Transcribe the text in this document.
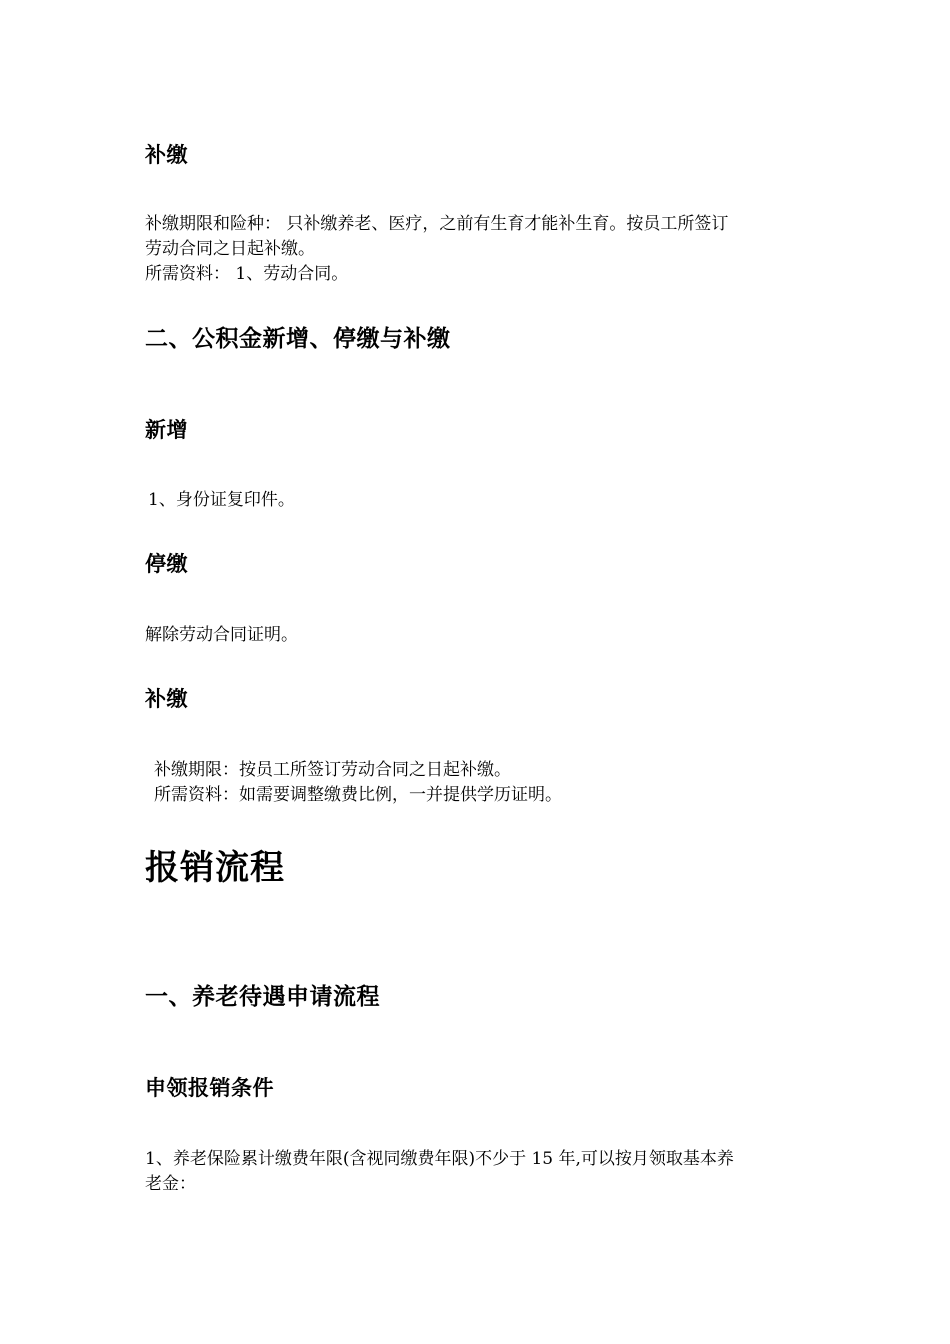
补缴
补缴期限和险种： 只补缴养老、医疗，之前有生育才能补生育。按员工所签订
劳动合同之日起补缴。
所需资料： 1、劳动合同。
二、公积金新增、停缴与补缴
新增
1、身份证复印件。
停缴
解除劳动合同证明。
补缴
补缴期限：按员工所签订劳动合同之日起补缴。
所需资料：如需要调整缴费比例，一并提供学历证明。
报销流程
一、养老待遇申请流程
申领报销条件
1、养老保险累计缴费年限(含视同缴费年限)不少于 15 年,可以按月领取基本养
老金：
